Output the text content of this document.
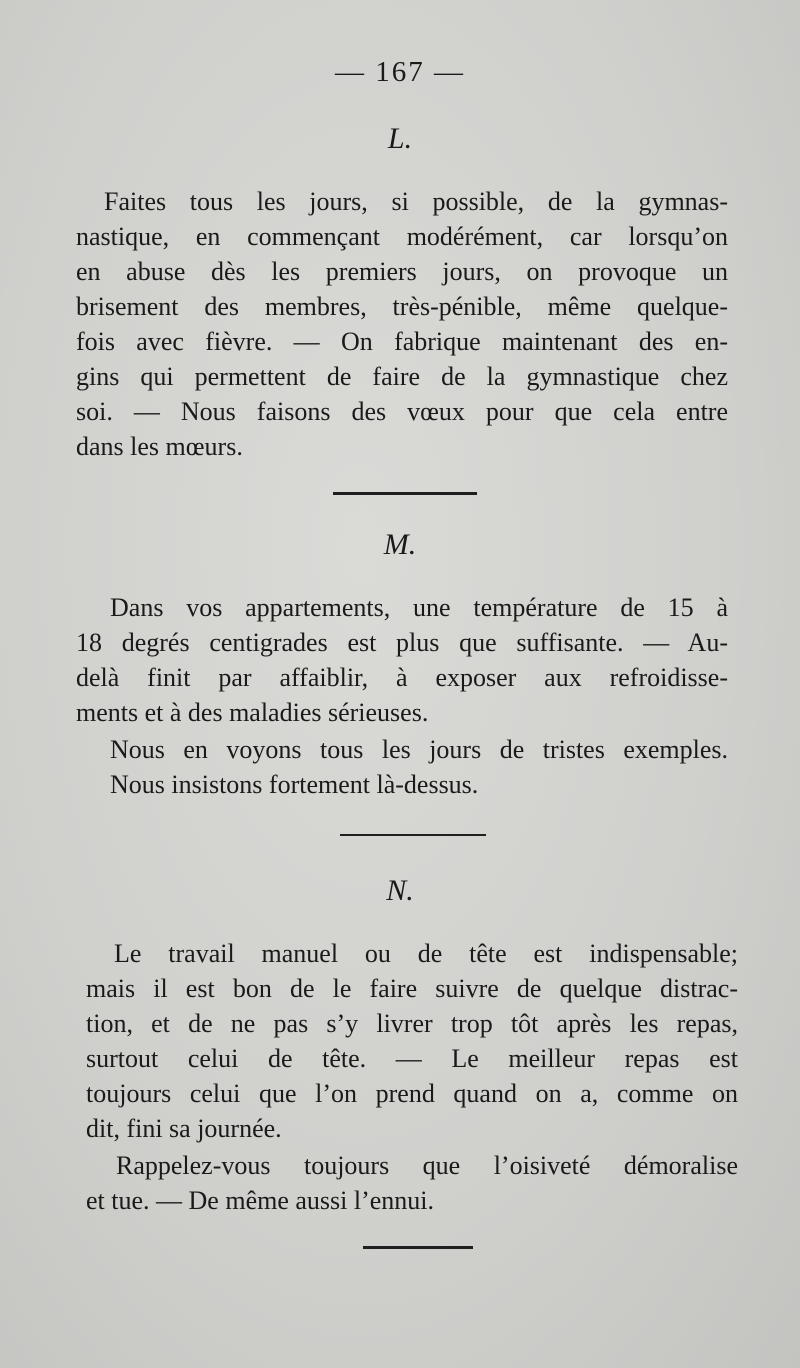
— 167 —
L.
Faites tous les jours, si possible, de la gymnas-
nastique, en commençant modérément, car lorsqu’on
en abuse dès les premiers jours, on provoque un
brisement des membres, très-pénible, même quelque-
fois avec fièvre. — On fabrique maintenant des en-
gins qui permettent de faire de la gymnastique chez
soi. — Nous faisons des vœux pour que cela entre
dans les mœurs.
M.
Dans vos appartements, une température de 15 à
18 degrés centigrades est plus que suffisante. — Au-
delà finit par affaiblir, à exposer aux refroidisse-
ments et à des maladies sérieuses.
Nous en voyons tous les jours de tristes exemples.
Nous insistons fortement là-dessus.
N.
Le travail manuel ou de tête est indispensable;
mais il est bon de le faire suivre de quelque distrac-
tion, et de ne pas s’y livrer trop tôt après les repas,
surtout celui de tête. — Le meilleur repas est
toujours celui que l’on prend quand on a, comme on
dit, fini sa journée.
Rappelez-vous toujours que l’oisiveté démoralise
et tue. — De même aussi l’ennui.
